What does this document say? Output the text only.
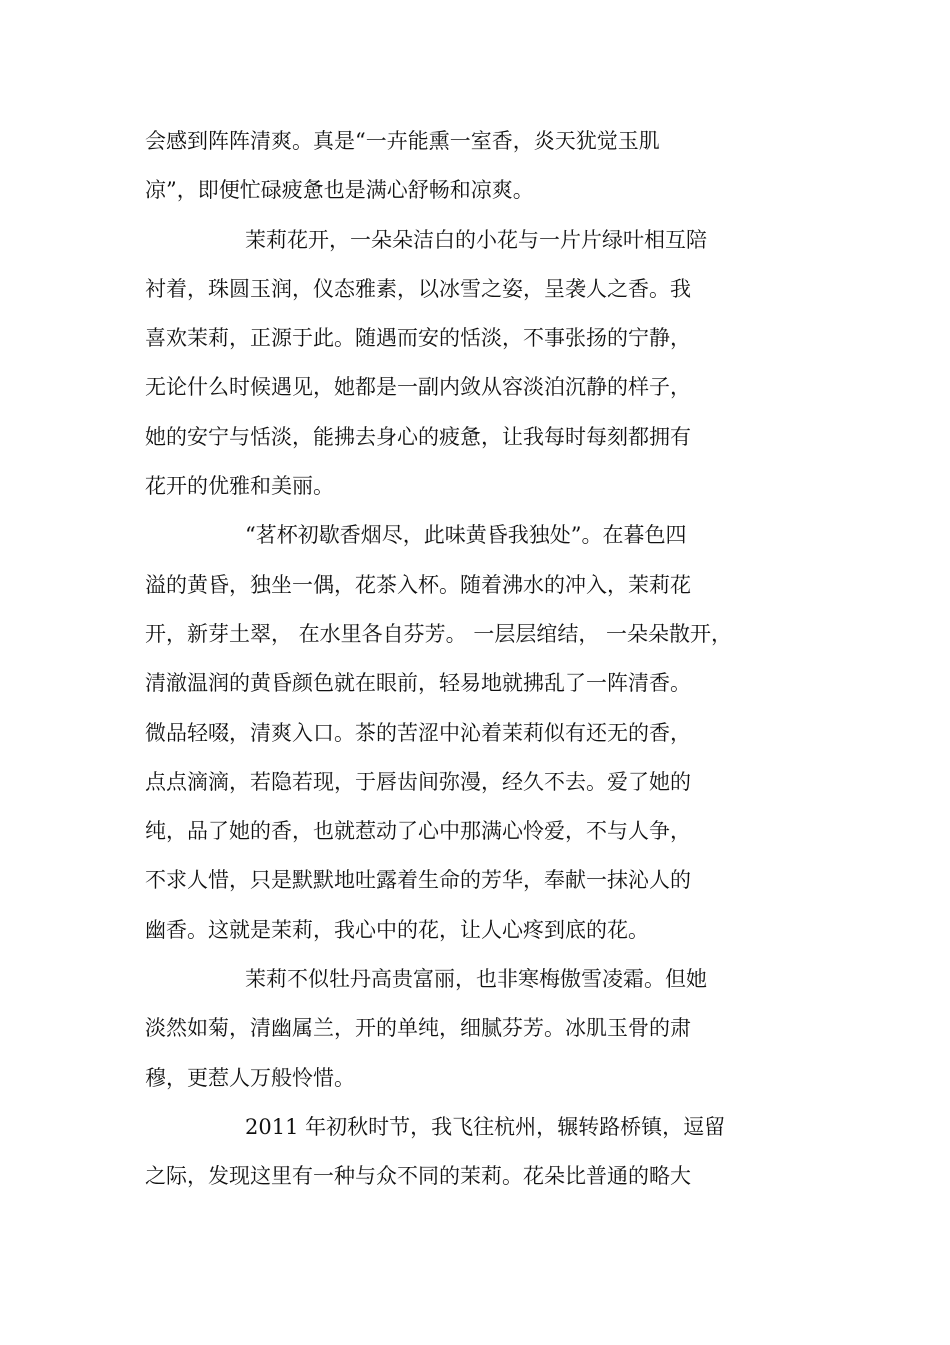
会感到阵阵清爽。真是“一卉能熏一室香，炎天犹觉玉肌
凉”，即便忙碌疲惫也是满心舒畅和凉爽。
茉莉花开，一朵朵洁白的小花与一片片绿叶相互陪
衬着，珠圆玉润，仪态雅素，以冰雪之姿，呈袭人之香。我
喜欢茉莉，正源于此。随遇而安的恬淡，不事张扬的宁静，
无论什么时候遇见，她都是一副内敛从容淡泊沉静的样子，
她的安宁与恬淡，能拂去身心的疲惫，让我每时每刻都拥有
花开的优雅和美丽。
“茗杯初歇香烟尽，此味黄昏我独处”。在暮色四
溢的黄昏，独坐一偶，花茶入杯。随着沸水的冲入，茉莉花
开，新芽土翠， 在水里各自芬芳。 一层层绾结， 一朵朵散开，
清澈温润的黄昏颜色就在眼前，轻易地就拂乱了一阵清香。
微品轻啜，清爽入口。茶的苦涩中沁着茉莉似有还无的香，
点点滴滴，若隐若现，于唇齿间弥漫，经久不去。爱了她的
纯，品了她的香，也就惹动了心中那满心怜爱，不与人争，
不求人惜，只是默默地吐露着生命的芳华，奉献一抹沁人的
幽香。这就是茉莉，我心中的花，让人心疼到底的花。
茉莉不似牡丹高贵富丽，也非寒梅傲雪凌霜。但她
淡然如菊，清幽属兰，开的单纯，细腻芬芳。冰肌玉骨的肃
穆，更惹人万般怜惜。
2011 年初秋时节，我飞往杭州，辗转路桥镇，逗留
之际，发现这里有一种与众不同的茉莉。花朵比普通的略大
